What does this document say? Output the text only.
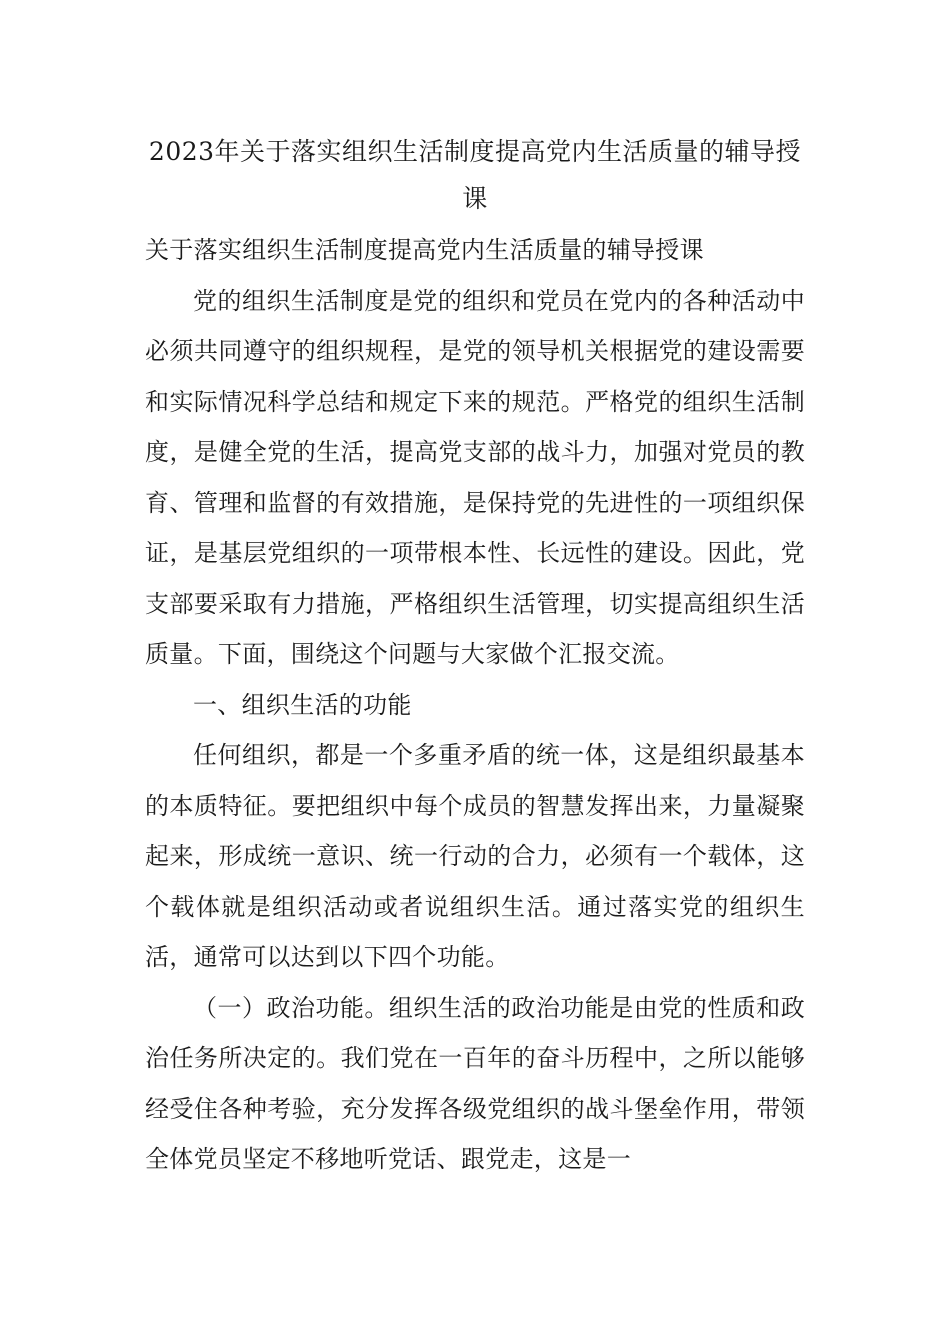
2023年关于落实组织生活制度提高党内生活质量的辅导授课

关于落实组织生活制度提高党内生活质量的辅导授课

党的组织生活制度是党的组织和党员在党内的各种活动中必须共同遵守的组织规程，是党的领导机关根据党的建设需要和实际情况科学总结和规定下来的规范。严格党的组织生活制度，是健全党的生活，提高党支部的战斗力，加强对党员的教育、管理和监督的有效措施，是保持党的先进性的一项组织保证，是基层党组织的一项带根本性、长远性的建设。因此，党支部要采取有力措施，严格组织生活管理，切实提高组织生活质量。下面，围绕这个问题与大家做个汇报交流。

一、组织生活的功能

任何组织，都是一个多重矛盾的统一体，这是组织最基本的本质特征。要把组织中每个成员的智慧发挥出来，力量凝聚起来，形成统一意识、统一行动的合力，必须有一个载体，这个载体就是组织活动或者说组织生活。通过落实党的组织生活，通常可以达到以下四个功能。

（一）政治功能。组织生活的政治功能是由党的性质和政治任务所决定的。我们党在一百年的奋斗历程中，之所以能够经受住各种考验，充分发挥各级党组织的战斗堡垒作用，带领全体党员坚定不移地听党话、跟党走，这是一
